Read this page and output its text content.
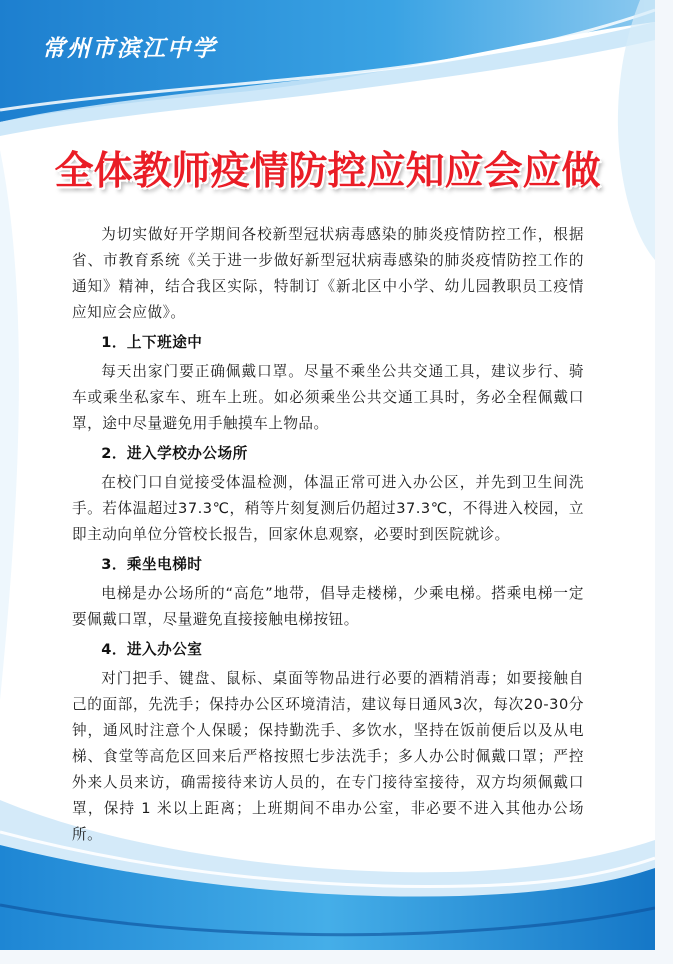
常州市滨江中学
全体教师疫情防控应知应会应做

为切实做好开学期间各校新型冠状病毒感染的肺炎疫情防控工作，根据省、市教育系统《关于进一步做好新型冠状病毒感染的肺炎疫情防控工作的通知》精神，结合我区实际，特制订《新北区中小学、幼儿园教职员工疫情应知应会应做》。

1．上下班途中

每天出家门要正确佩戴口罩。尽量不乘坐公共交通工具，建议步行、骑车或乘坐私家车、班车上班。如必须乘坐公共交通工具时，务必全程佩戴口罩，途中尽量避免用手触摸车上物品。

2．进入学校办公场所

在校门口自觉接受体温检测，体温正常可进入办公区，并先到卫生间洗手。若体温超过37.3℃，稍等片刻复测后仍超过37.3℃，不得进入校园，立即主动向单位分管校长报告，回家休息观察，必要时到医院就诊。

3．乘坐电梯时

电梯是办公场所的“高危”地带，倡导走楼梯，少乘电梯。搭乘电梯一定要佩戴口罩，尽量避免直接接触电梯按钮。

4．进入办公室

对门把手、键盘、鼠标、桌面等物品进行必要的酒精消毒；如要接触自己的面部，先洗手；保持办公区环境清洁，建议每日通风3次，每次20-30分钟，通风时注意个人保暖；保持勤洗手、多饮水，坚持在饭前便后以及从电梯、食堂等高危区回来后严格按照七步法洗手；多人办公时佩戴口罩；严控外来人员来访，确需接待来访人员的，在专门接待室接待，双方均须佩戴口罩，保持 1 米以上距离；上班期间不串办公室，非必要不进入其他办公场所。
